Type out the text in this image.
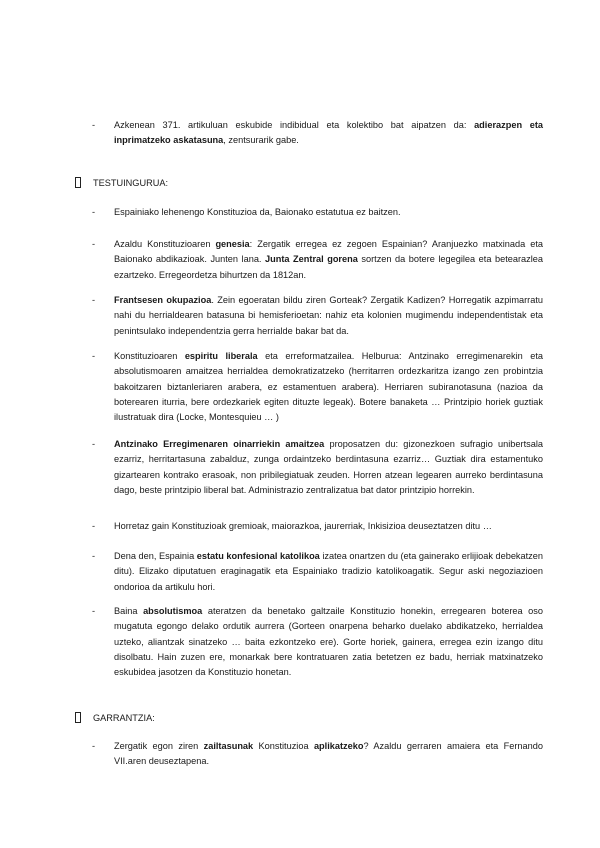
- Azkenean 371. artikuluan eskubide indibidual eta kolektibo bat aipatzen da: adierazpen eta inprimatzeko askatasuna, zentsurarik gabe.
TESTUINGURUA:
- Espainiako lehenengo Konstituzioa da, Baionako estatutua ez baitzen.
- Azaldu Konstituzioaren genesia: Zergatik erregea ez zegoen Espainian? Aranjuezko matxinada eta Baionako abdikazioak. Junten lana. Junta Zentral gorena sortzen da botere legegilea eta betearazlea ezartzeko. Erregeordetza bihurtzen da 1812an.
- Frantsesen okupazioa. Zein egoeratan bildu ziren Gorteak? Zergatik Kadizen? Horregatik azpimarratu nahi du herrialdearen batasuna bi hemisferioetan: nahiz eta kolonien mugimendu independentistak eta penintsulako independentzia gerra herrialde bakar bat da.
- Konstituzioaren espiritu liberala eta erreformatzailea. Helburua: Antzinako erregimenarekin eta absolutismoaren amaitzea herrialdea demokratizatzeko (herritarren ordezkaritza izango zen probintzia bakoitzaren biztanleriaren arabera, ez estamentuen arabera). Herriaren subiranotasuna (nazioa da boterearen iturria, bere ordezkariek egiten dituzte legeak). Botere banaketa … Printzipio horiek guztiak ilustratuak dira (Locke, Montesquieu … )
- Antzinako Erregimenaren oinarriekin amaitzea proposatzen du: gizonezkoen sufragio unibertsala ezarriz, herritartasuna zabalduz, zunga ordaintzeko berdintasuna ezarriz… Guztiak dira estamentuko gizartearen kontrako erasoak, non pribilegiatuak zeuden. Horren atzean legearen aurreko berdintasuna dago, beste printzipio liberal bat. Administrazio zentralizatua bat dator printzipio horrekin.
- Horretaz gain Konstituzioak gremioak, maiorazkoa, jaurerriak, Inkisizioa deuseztatzen ditu …
- Dena den, Espainia estatu konfesional katolikoa izatea onartzen du (eta gainerako erlijioak debekatzen ditu). Elizako diputatuen eraginagatik eta Espainiako tradizio katolikoagatik. Segur aski negoziazioen ondorioa da artikulu hori.
- Baina absolutismoa ateratzen da benetako galtzaile Konstituzio honekin, erregearen boterea oso mugatuta egongo delako ordutik aurrera (Gorteen onarpena beharko duelako abdikatzeko, herrialdea uzteko, aliantzak sinatzeko … baita ezkontzeko ere). Gorte horiek, gainera, erregea ezin izango ditu disolbatu. Hain zuzen ere, monarkak bere kontratuaren zatia betetzen ez badu, herriak matxinatzeko eskubidea jasotzen da Konstituzio honetan.
GARRANTZIA:
- Zergatik egon ziren zailtasunak Konstituzioa aplikatzeko? Azaldu gerraren amaiera eta Fernando VII.aren deuseztapena.
